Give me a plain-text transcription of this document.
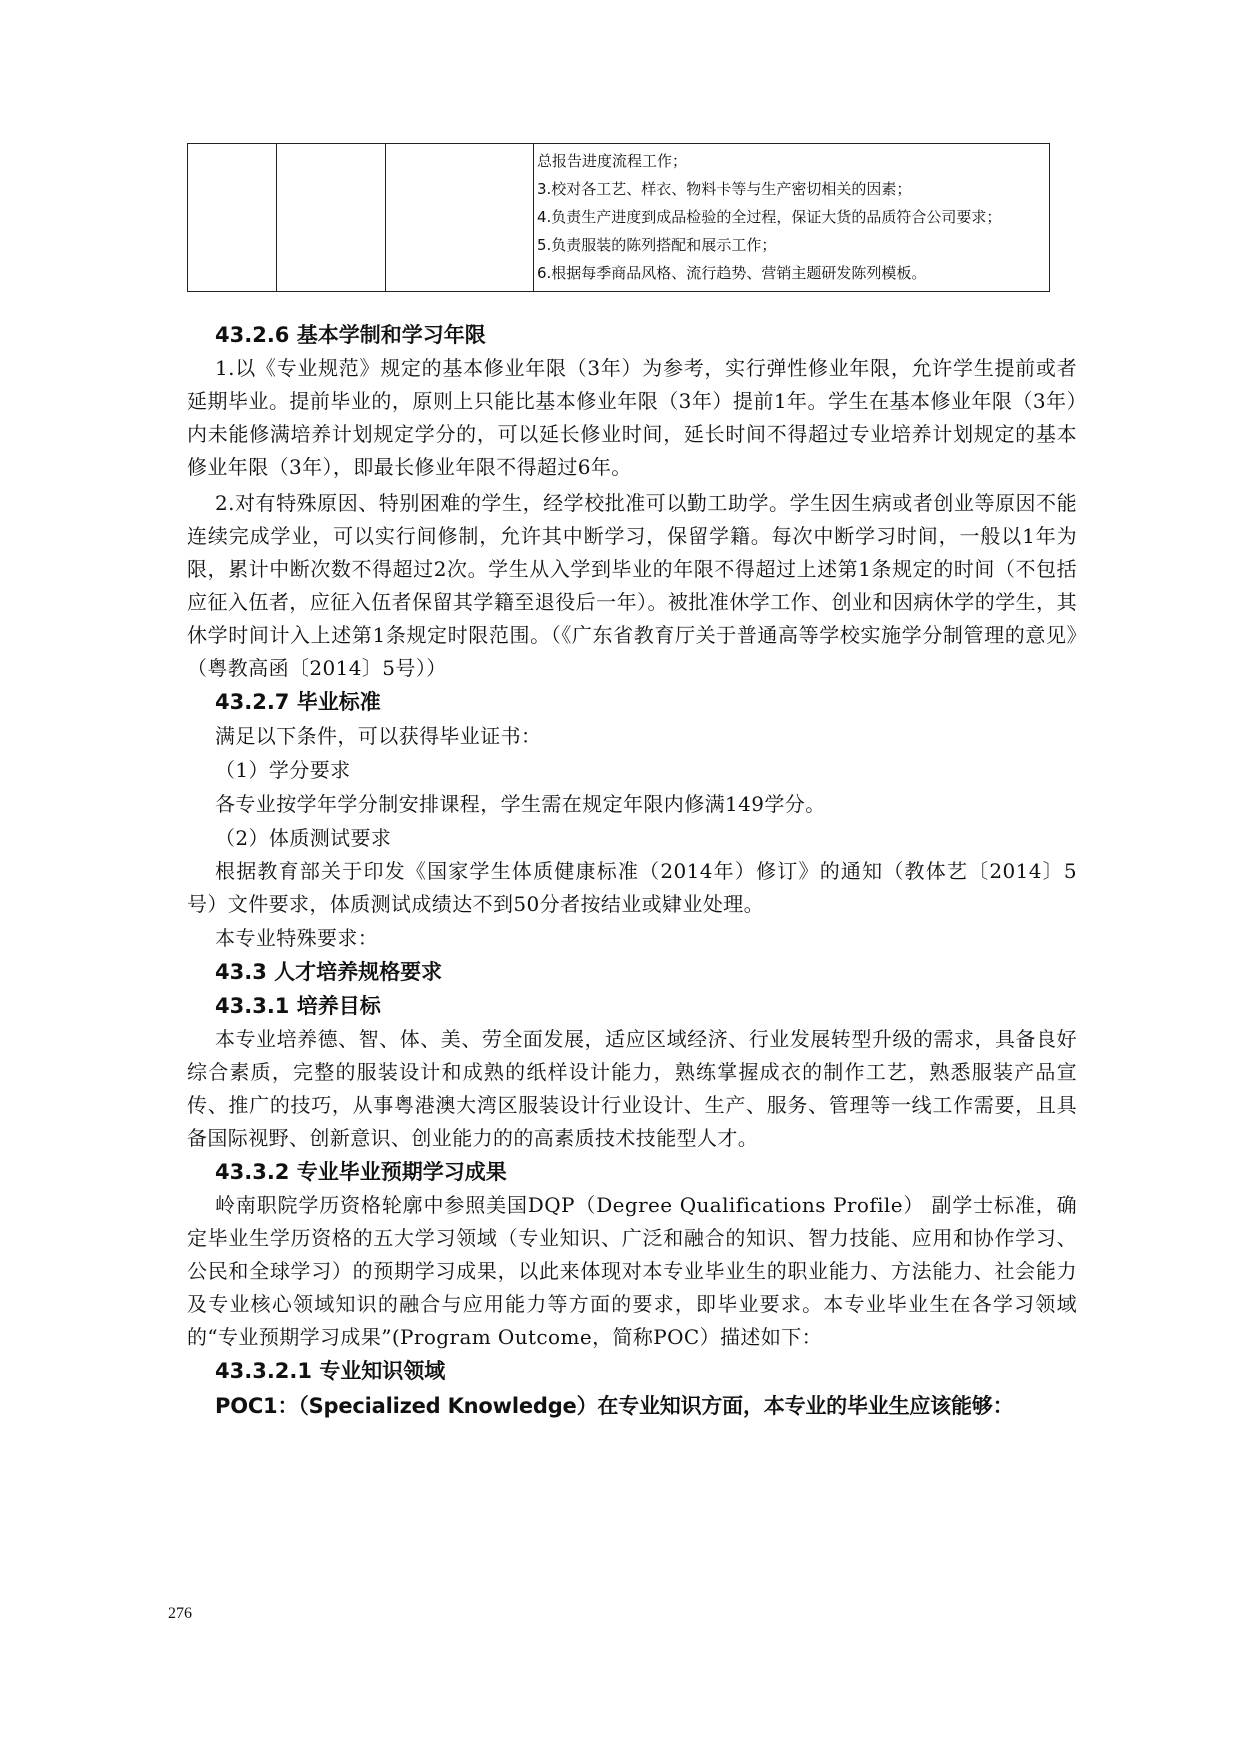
总报告进度流程工作；
3.校对各工艺、样衣、物料卡等与生产密切相关的因素；
4.负责生产进度到成品检验的全过程，保证大货的品质符合公司要求；
5.负责服装的陈列搭配和展示工作；
6.根据每季商品风格、流行趋势、营销主题研发陈列模板。
43.2.6 基本学制和学习年限
1.以《专业规范》规定的基本修业年限（3年）为参考，实行弹性修业年限，允许学生提前或者延期毕业。提前毕业的，原则上只能比基本修业年限（3年）提前1年。学生在基本修业年限（3年）内未能修满培养计划规定学分的，可以延长修业时间，延长时间不得超过专业培养计划规定的基本修业年限（3年），即最长修业年限不得超过6年。
2.对有特殊原因、特别困难的学生，经学校批准可以勤工助学。学生因生病或者创业等原因不能连续完成学业，可以实行间修制，允许其中断学习，保留学籍。每次中断学习时间，一般以1年为限，累计中断次数不得超过2次。学生从入学到毕业的年限不得超过上述第1条规定的时间（不包括应征入伍者，应征入伍者保留其学籍至退役后一年）。被批准休学工作、创业和因病休学的学生，其休学时间计入上述第1条规定时限范围。（《广东省教育厅关于普通高等学校实施学分制管理的意见》（粤教高函〔2014〕5号））
43.2.7 毕业标准
满足以下条件，可以获得毕业证书：
（1）学分要求
各专业按学年学分制安排课程，学生需在规定年限内修满149学分。
（2）体质测试要求
根据教育部关于印发《国家学生体质健康标准（2014年）修订》的通知（教体艺〔2014〕5号）文件要求，体质测试成绩达不到50分者按结业或肄业处理。
本专业特殊要求：
43.3 人才培养规格要求
43.3.1 培养目标
本专业培养德、智、体、美、劳全面发展，适应区域经济、行业发展转型升级的需求，具备良好综合素质，完整的服装设计和成熟的纸样设计能力，熟练掌握成衣的制作工艺，熟悉服装产品宣传、推广的技巧，从事粤港澳大湾区服装设计行业设计、生产、服务、管理等一线工作需要，且具备国际视野、创新意识、创业能力的的高素质技术技能型人才。
43.3.2 专业毕业预期学习成果
岭南职院学历资格轮廓中参照美国DQP（Degree Qualifications Profile） 副学士标准，确定毕业生学历资格的五大学习领域（专业知识、广泛和融合的知识、智力技能、应用和协作学习、公民和全球学习）的预期学习成果，以此来体现对本专业毕业生的职业能力、方法能力、社会能力及专业核心领域知识的融合与应用能力等方面的要求，即毕业要求。本专业毕业生在各学习领域的“专业预期学习成果”(Program Outcome，简称POC）描述如下：
43.3.2.1 专业知识领域
POC1：（Specialized Knowledge）在专业知识方面，本专业的毕业生应该能够：
276
